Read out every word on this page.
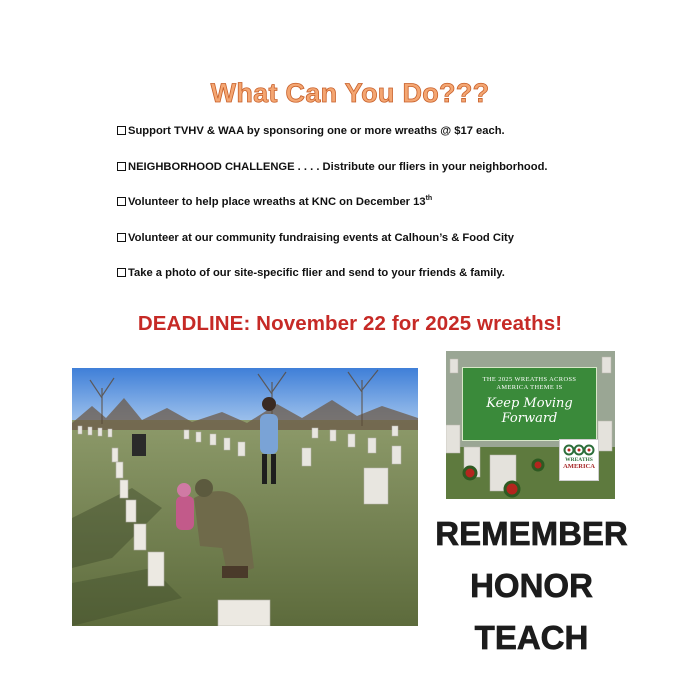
What Can You Do???
Support TVHV & WAA by sponsoring one or more wreaths @ $17 each.
NEIGHBORHOOD CHALLENGE . . . . Distribute our fliers in your neighborhood.
Volunteer to help place wreaths at KNC on December 13th
Volunteer at our community fundraising events at Calhoun’s & Food City
Take a photo of our site-specific flier and send to your friends & family.
DEADLINE: November 22 for 2025 wreaths!
THE 2025 WREATHS ACROSS
AMERICA THEME IS
Keep Moving
Forward
WREATHS
AMERICA
REMEMBER
HONOR
TEACH
